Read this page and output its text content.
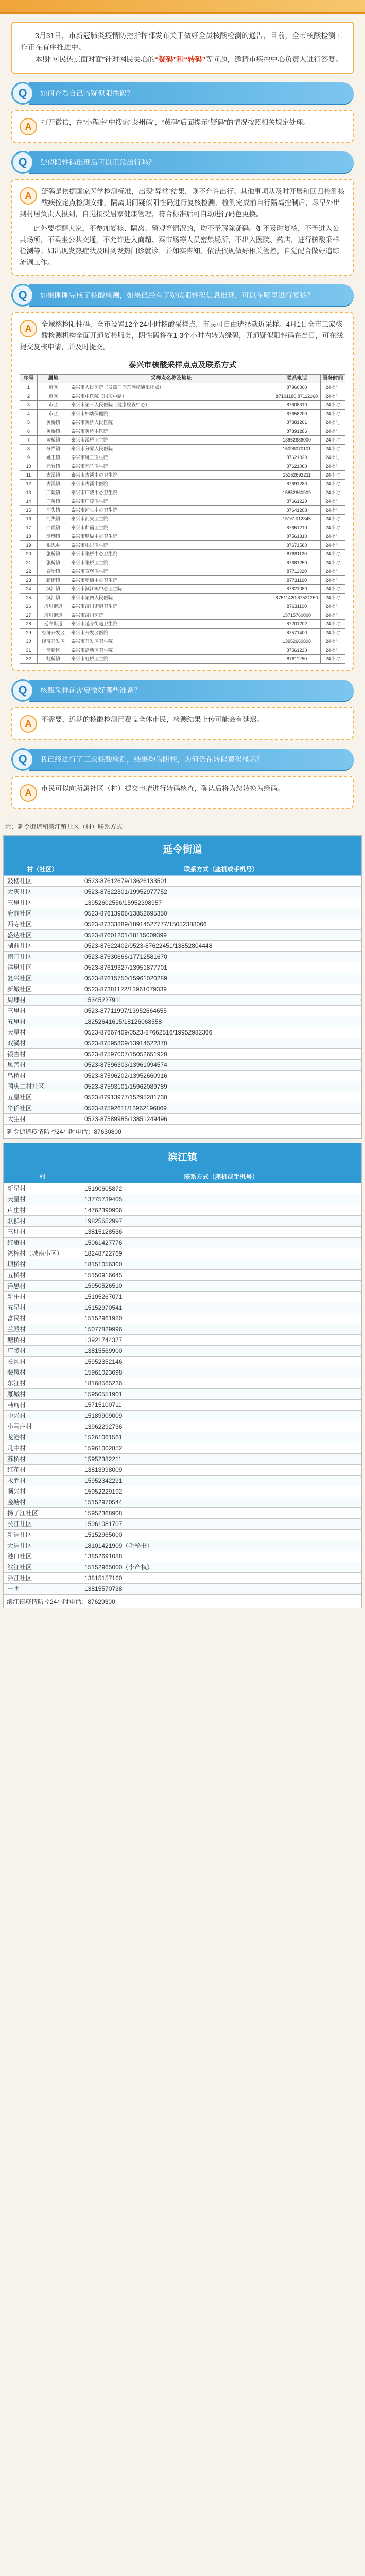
3月31日，市新冠肺炎疫情防控指挥部发布关于做好全员核酸检测的通告，目前，全市核酸检测工作正在有序推进中。

本期“网民热点面对面”针对网民关心的“疑码”和“转码”等问题，邀请市疾控中心负责人进行答复。

Q	如何查看自己的疑似阳性码？
A	打开微信，在“小程序”中搜索“泰州码”，“黄码”后面提示“疑码”的情况按照相关规定处理。

Q	疑似阳性码出现后可以正常出行吗？
A	疑码是依据国家医学检测标准，出现“异常”结果，则不允许出行。其他事项从及时开展和回归检测核酸疾控定点检测安排，隔离期间疑似阳性码进行复核检测，检测完成前自行隔离控制后，尽早外出到村居负责人报到，自觉接受居家健康管理，符合标准后可自动进行码色更换。

此外要提醒大家，不参加复核、隔离、留观等情况的，均不予解除疑码。如不及时复核，不予进入公共场所，不乘坐公共交通，不允许进入商超、菜市场等人员密集场所，不出入医院、药店，进行核酸采样检测等；如出现发热症状及时到发热门诊就诊，并如实告知。依法依规做好相关管控，自觉配合做好追踪流调工作。

Q	如果刚刚完成了核酸检测，如果已经有了疑似阳性码信息出现，可以在哪里进行复核？
A	全域核检阳性码，全市设置12个24小时核酸采样点，市民可自由选择就近采样。4月1日全市三家核酸检测机构全面开通复检服务，阴性码将在1-3个小时内转为绿码，开通疑似阳性码在当日，可在线提交复核申请，并及时提交。

泰兴市核酸采样点点及联系方式
序号	属地	采样点名称及地址	联系电话	服务时间
1	市区	泰兴市人民医院（发热门诊东侧核酸采样点）	87960000	24小时
2	市区	泰兴市中医院（国庆中路）	87101180 87112160	24小时
3	市区	泰兴市第三人民医院（健康检查中心）	87608310	24小时
4	市区	泰兴市妇幼保健院	87658200	24小时
5	黄桥镇	泰兴市黄桥人民医院	87881261	24小时
6	黄桥镇	泰兴市黄桥中医院	87891286	24小时
7	黄桥镇	泰兴市溪桥卫生院	13852686000	24小时
8	分界镇	泰兴市分界人民医院	15096070101	24小时
9	姚王镇	泰兴市姚王卫生院	87621020	24小时
10	元竹镇	泰兴市元竹卫生院	87621060	24小时
11	古溪镇	泰兴市古溪中心卫生院	15152692211	24小时
12	古溪镇	泰兴市古溪中医院	87691280	24小时
13	广陵镇	泰兴市广陵中心卫生院	15852660909	24小时
14	广陵镇	泰兴市广陵卫生院	87661220	24小时
15	河失镇	泰兴市河失中心卫生院	87641208	24小时
16	河失镇	泰兴市河失卫生院	15161012345	24小时
17	曲霞镇	泰兴市曲霞卫生院	87651210	24小时
18	珊瑚镇	泰兴市珊瑚中心卫生院	87561310	24小时
19	根思乡	泰兴市根思卫生院	87671580	24小时
20	张桥镇	泰兴市张桥中心卫生院	87681120	24小时
21	张桥镇	泰兴市张桥卫生院	87681250	24小时
22	宣堡镇	泰兴市宣堡卫生院	87711320	24小时
23	新街镇	泰兴市新街中心卫生院	87731160	24小时
24	滨江镇	泰兴市滨江镇中心卫生院	87821080	24小时
25	滨江镇	泰兴市第四人民医院	87511420 87521250	24小时
26	济川街道	泰兴市济川街道卫生院	87631100	24小时
27	济川街道	泰兴市济川医院	15715760000	24小时
28	延令街道	泰兴市延令街道卫生院	87201202	24小时
29	经济开发区	泰兴市开发区医院	87571400	24小时
30	经济开发区	泰兴市开发区卫生院	13952660808	24小时
31	高新区	泰兴市高新区卫生院	87561230	24小时
32	虹桥镇	泰兴市虹桥卫生院	87611250	24小时
Q	核酸采样前需要做好哪些准备？
A	不需要，近期的核酸检测已覆盖全体市民，检测结果上传可能会有延迟。

Q	我已经进行了三次核酸检测，结果均为阴性，为何仍在转码黄码显示？
A	市民可以向所属社区（村）提交申请进行转码核查，确认后将为您转换为绿码。

附：延令街道和滨江镇社区（村）联系方式
延令街道
村（社区）	联系方式（座机或手机号）
鼓楼社区	0523-87612679/13626133501
大庆社区	0523-87622301/19952977752
三里社区	13952602556/15952398957
府前社区	0523-87613968/13852695350
西寺社区	0523-87333889/18914527777/15052388066
盛达社区	0523-87601201/18115009399
副前社区	0523-87622402/0523-87622451/13852804448
南门社区	0523-87630666/17712581670
洋思社区	0523-87619327/13951877701
复兴社区	0523-87615750/15961020289
新城社区	0523-87381122/13961079339
周埭村	15345227911
三里村	0523-87711997/13952664655
五里村	18252641615/18126068558
天星村	0523-87667409/0523-87662516/19952982366
双溪村	0523-87595309/13914522370
银杏村	0523-87597007/15052651920
思善村	0523-87596303/13961094574
鸟桥村	0523-87596202/13952660916
国庆二村社区	0523-87593101/15962089789
五星社区	0523-87913977/15295281730
华侨社区	0523-87592611/13962196869
大生村	0523-87589985/13851249496
延令街道疫情防控24小时电话：87630800
滨江镇
村	联系方式（座机或手机号）
新星村	15190605872
天星村	13775739405
卢庄村	14762390906
联群村	19825652997
三圩村	13815128536
红旗村	15061427776
湾棉村（城南小区）	18248722769
坝桥村	18151056300
五桥村	15150916645
洋思村	15950526510
新庄村	15105267071
五星村	15152970541
富民村	15152961980
兰殿村	15077829996
塘桥村	13921744377
广陵村	13815569900
长沟村	15952352146
裴凤村	15961023698
东江村	18168565236
雁城村	15950551901
马甸村	15715100711
中兴村	15189909009
小马庄村	13962292736
龙港村	15261061561
凡中村	15961002852
苏桥村	15952382211
红花村	13813998009
永胜村	15952342291
顺兴村	15952229192
金塘村	15152970544
扬子江社区	15952368908
长江社区	15061081707
新港社区	15152965000
大港社区	18101421909（毛秘书）
港口社区	13852691088
滨江社区	15152965000（李产权）
沿江社区	13815157160
一团	13815570738
滨江镇疫情防控24小时电话：87629300
